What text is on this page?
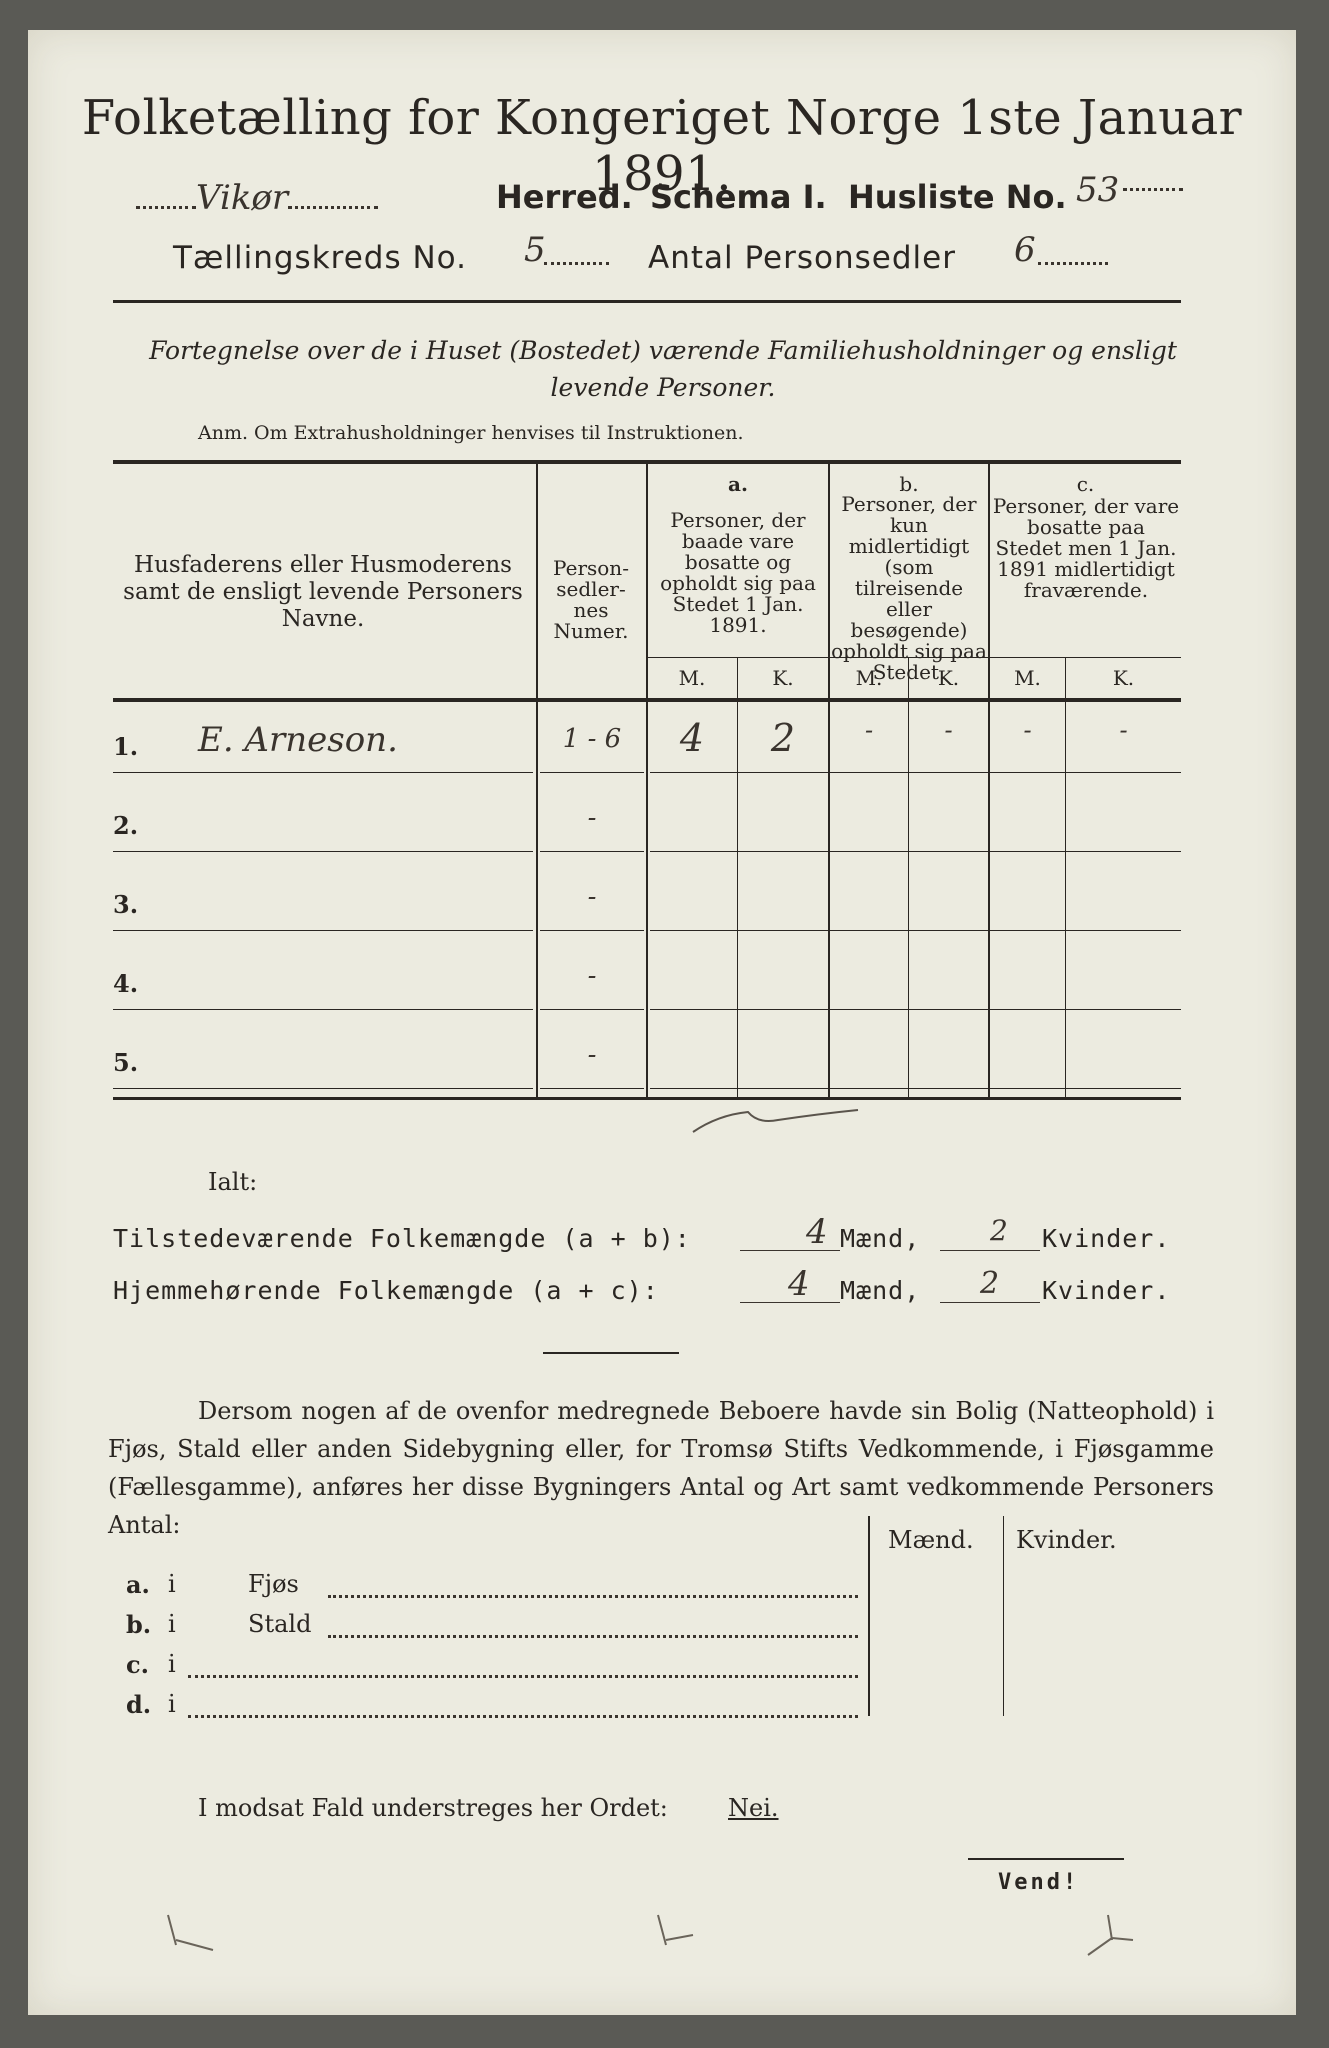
Folketælling for Kongeriget Norge 1ste Januar 1891.
Vikør	Herred. Schema I. Husliste No. 53
Tællingskreds No. 5	Antal Personsedler 6
Fortegnelse over de i Huset (Bostedet) værende Familiehusholdninger og ensligt levende Personer.
Anm. Om Extrahusholdninger henvises til Instruktionen.
Husfaderens eller Husmoderens samt de ensligt levende Personers Navne.
Person-sedler-nes Numer.
a.
Personer, der baade vare bosatte og opholdt sig paa Stedet 1 Jan. 1891.
b.
Personer, der kun midlertidigt (som tilreisende eller besøgende) opholdt sig paa Stedet.
c.
Personer, der vare bosatte paa Stedet men 1 Jan. 1891 midlertidigt fraværende.
M.	K.	M.	K.	M.	K.
1. E. Arneson.	1 - 6	4	2	-	-	-	-
2.	-
3.	-
4.	-
5.	-
Ialt:
Tilstedeværende Folkemængde (a + b):	4 Mænd, 2 Kvinder.
Hjemmehørende Folkemængde (a + c):	4 Mænd, 2 Kvinder.
Dersom nogen af de ovenfor medregnede Beboere havde sin Bolig (Natteophold) i Fjøs, Stald eller anden Sidebygning eller, for Tromsø Stifts Vedkommende, i Fjøsgamme (Fællesgamme), anføres her disse Bygningers Antal og Art samt vedkommende Personers Antal:
Mænd. Kvinder.
a. i	Fjøs
b. i	Stald
c. i
d. i
I modsat Fald understreges her Ordet:	Nei.
Vend!
